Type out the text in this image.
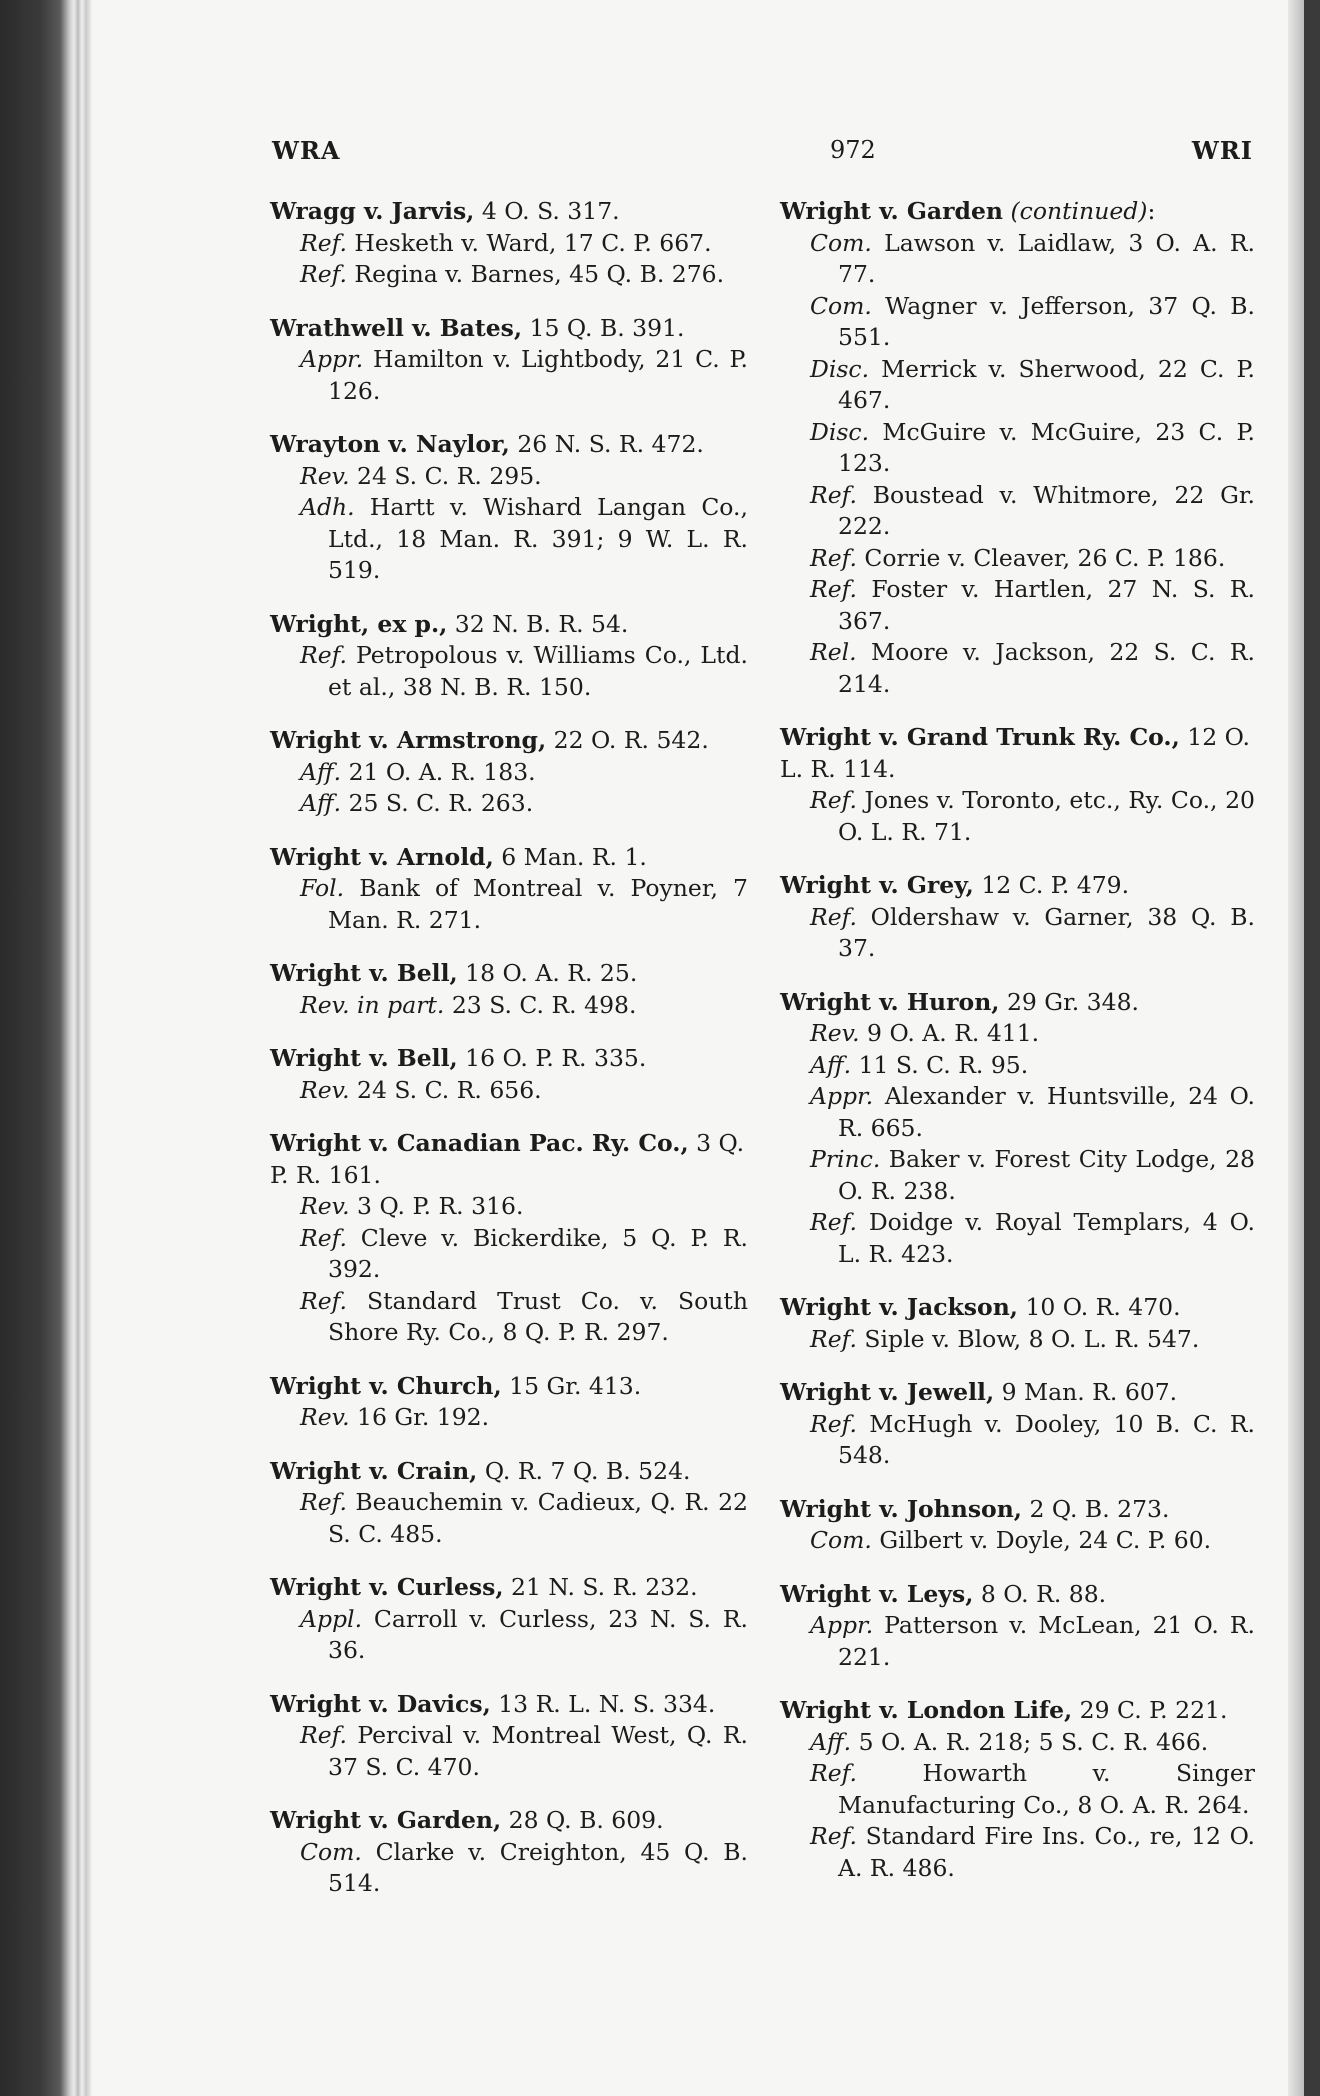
WRA	972	WRI
Wragg v. Jarvis, 4 O. S. 317.
Ref. Hesketh v. Ward, 17 C. P. 667.
Ref. Regina v. Barnes, 45 Q. B. 276.
Wrathwell v. Bates, 15 Q. B. 391.
Appr. Hamilton v. Lightbody, 21 C. P. 126.
Wrayton v. Naylor, 26 N. S. R. 472.
Rev. 24 S. C. R. 295.
Adh. Hartt v. Wishard Langan Co., Ltd., 18 Man. R. 391; 9 W. L. R. 519.
Wright, ex p., 32 N. B. R. 54.
Ref. Petropolous v. Williams Co., Ltd. et al., 38 N. B. R. 150.
Wright v. Armstrong, 22 O. R. 542.
Aff. 21 O. A. R. 183.
Aff. 25 S. C. R. 263.
Wright v. Arnold, 6 Man. R. 1.
Fol. Bank of Montreal v. Poyner, 7 Man. R. 271.
Wright v. Bell, 18 O. A. R. 25.
Rev. in part. 23 S. C. R. 498.
Wright v. Bell, 16 O. P. R. 335.
Rev. 24 S. C. R. 656.
Wright v. Canadian Pac. Ry. Co., 3 Q. P. R. 161.
Rev. 3 Q. P. R. 316.
Ref. Cleve v. Bickerdike, 5 Q. P. R. 392.
Ref. Standard Trust Co. v. South Shore Ry. Co., 8 Q. P. R. 297.
Wright v. Church, 15 Gr. 413.
Rev. 16 Gr. 192.
Wright v. Crain, Q. R. 7 Q. B. 524.
Ref. Beauchemin v. Cadieux, Q. R. 22 S. C. 485.
Wright v. Curless, 21 N. S. R. 232.
Appl. Carroll v. Curless, 23 N. S. R. 36.
Wright v. Davics, 13 R. L. N. S. 334.
Ref. Percival v. Montreal West, Q. R. 37 S. C. 470.
Wright v. Garden, 28 Q. B. 609.
Com. Clarke v. Creighton, 45 Q. B. 514.
Wright v. Garden (continued):
Com. Lawson v. Laidlaw, 3 O. A. R. 77.
Com. Wagner v. Jefferson, 37 Q. B. 551.
Disc. Merrick v. Sherwood, 22 C. P. 467.
Disc. McGuire v. McGuire, 23 C. P. 123.
Ref. Boustead v. Whitmore, 22 Gr. 222.
Ref. Corrie v. Cleaver, 26 C. P. 186.
Ref. Foster v. Hartlen, 27 N. S. R. 367.
Rel. Moore v. Jackson, 22 S. C. R. 214.
Wright v. Grand Trunk Ry. Co., 12 O. L. R. 114.
Ref. Jones v. Toronto, etc., Ry. Co., 20 O. L. R. 71.
Wright v. Grey, 12 C. P. 479.
Ref. Oldershaw v. Garner, 38 Q. B. 37.
Wright v. Huron, 29 Gr. 348.
Rev. 9 O. A. R. 411.
Aff. 11 S. C. R. 95.
Appr. Alexander v. Huntsville, 24 O. R. 665.
Princ. Baker v. Forest City Lodge, 28 O. R. 238.
Ref. Doidge v. Royal Templars, 4 O. L. R. 423.
Wright v. Jackson, 10 O. R. 470.
Ref. Siple v. Blow, 8 O. L. R. 547.
Wright v. Jewell, 9 Man. R. 607.
Ref. McHugh v. Dooley, 10 B. C. R. 548.
Wright v. Johnson, 2 Q. B. 273.
Com. Gilbert v. Doyle, 24 C. P. 60.
Wright v. Leys, 8 O. R. 88.
Appr. Patterson v. McLean, 21 O. R. 221.
Wright v. London Life, 29 C. P. 221.
Aff. 5 O. A. R. 218; 5 S. C. R. 466.
Ref. Howarth v. Singer Manufacturing Co., 8 O. A. R. 264.
Ref. Standard Fire Ins. Co., re, 12 O. A. R. 486.
